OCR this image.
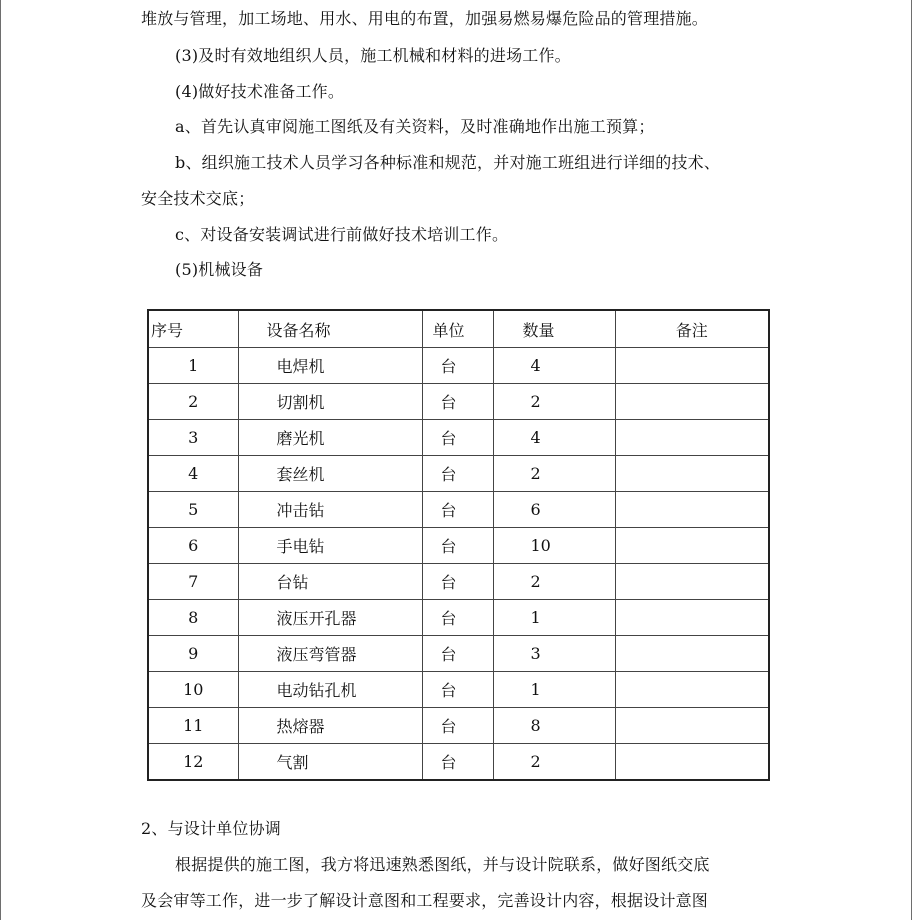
堆放与管理，加工场地、用水、用电的布置，加强易燃易爆危险品的管理措施。
(3)及时有效地组织人员，施工机械和材料的进场工作。
(4)做好技术准备工作。
a、首先认真审阅施工图纸及有关资料，及时准确地作出施工预算；
b、组织施工技术人员学习各种标准和规范，并对施工班组进行详细的技术、
安全技术交底；
c、对设备安装调试进行前做好技术培训工作。
(5)机械设备
序号	设备名称	单位	数量	备注
1	电焊机	台	4	
2	切割机	台	2	
3	磨光机	台	4	
4	套丝机	台	2	
5	冲击钻	台	6	
6	手电钻	台	10	
7	台钻	台	2	
8	液压开孔器	台	1	
9	液压弯管器	台	3	
10	电动钻孔机	台	1	
11	热熔器	台	8	
12	气割	台	2	
2、与设计单位协调
根据提供的施工图，我方将迅速熟悉图纸，并与设计院联系，做好图纸交底
及会审等工作，进一步了解设计意图和工程要求，完善设计内容，根据设计意图
